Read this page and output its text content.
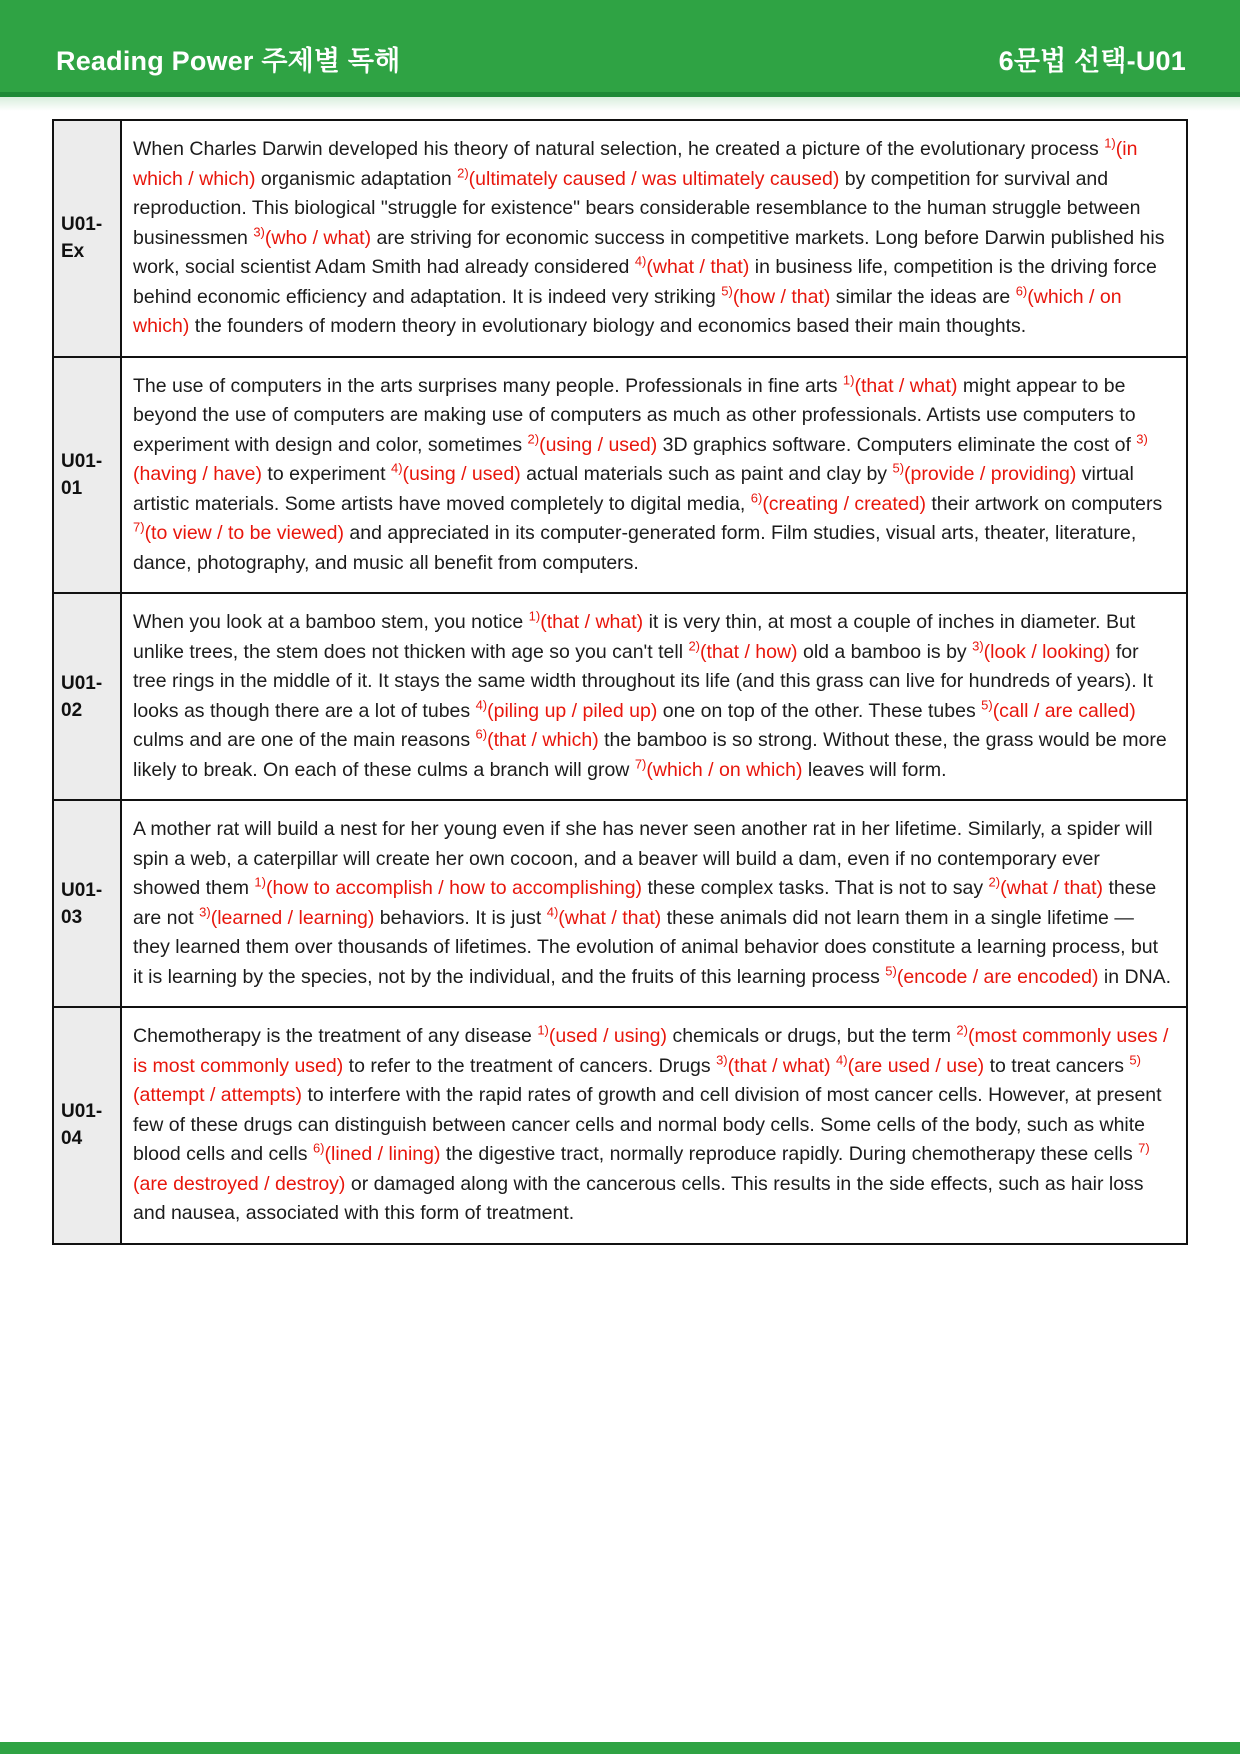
Reading Power 주제별 독해	6문법 선택-U01
U01-Ex	When Charles Darwin developed his theory of natural selection, he created a picture of the evolutionary process $^{1)}$(in which / which) organismic adaptation $^{2)}$(ultimately caused / was ultimately caused) by competition for survival and reproduction. This biological "struggle for existence" bears considerable resemblance to the human struggle between businessmen $^{3)}$(who / what) are striving for economic success in competitive markets. Long before Darwin published his work, social scientist Adam Smith had already considered $^{4)}$(what / that) in business life, competition is the driving force behind economic efficiency and adaptation. It is indeed very striking $^{5)}$(how / that) similar the ideas are $^{6)}$(which / on which) the founders of modern theory in evolutionary biology and economics based their main thoughts.
U01-01	The use of computers in the arts surprises many people. Professionals in fine arts $^{1)}$(that / what) might appear to be beyond the use of computers are making use of computers as much as other professionals. Artists use computers to experiment with design and color, sometimes $^{2)}$(using / used) 3D graphics software. Computers eliminate the cost of $^{3)}$(having / have) to experiment $^{4)}$(using / used) actual materials such as paint and clay by $^{5)}$(provide / providing) virtual artistic materials. Some artists have moved completely to digital media, $^{6)}$(creating / created) their artwork on computers $^{7)}$(to view / to be viewed) and appreciated in its computer-generated form. Film studies, visual arts, theater, literature, dance, photography, and music all benefit from computers.
U01-02	When you look at a bamboo stem, you notice $^{1)}$(that / what) it is very thin, at most a couple of inches in diameter. But unlike trees, the stem does not thicken with age so you can't tell $^{2)}$(that / how) old a bamboo is by $^{3)}$(look / looking) for tree rings in the middle of it. It stays the same width throughout its life (and this grass can live for hundreds of years). It looks as though there are a lot of tubes $^{4)}$(piling up / piled up) one on top of the other. These tubes $^{5)}$(call / are called) culms and are one of the main reasons $^{6)}$(that / which) the bamboo is so strong. Without these, the grass would be more likely to break. On each of these culms a branch will grow $^{7)}$(which / on which) leaves will form.
U01-03	A mother rat will build a nest for her young even if she has never seen another rat in her lifetime. Similarly, a spider will spin a web, a caterpillar will create her own cocoon, and a beaver will build a dam, even if no contemporary ever showed them $^{1)}$(how to accomplish / how to accomplishing) these complex tasks. That is not to say $^{2)}$(what / that) these are not $^{3)}$(learned / learning) behaviors. It is just $^{4)}$(what / that) these animals did not learn them in a single lifetime — they learned them over thousands of lifetimes. The evolution of animal behavior does constitute a learning process, but it is learning by the species, not by the individual, and the fruits of this learning process $^{5)}$(encode / are encoded) in DNA.
U01-04	Chemotherapy is the treatment of any disease $^{1)}$(used / using) chemicals or drugs, but the term $^{2)}$(most commonly uses / is most commonly used) to refer to the treatment of cancers. Drugs $^{3)}$(that / what) $^{4)}$(are used / use) to treat cancers $^{5)}$(attempt / attempts) to interfere with the rapid rates of growth and cell division of most cancer cells. However, at present few of these drugs can distinguish between cancer cells and normal body cells. Some cells of the body, such as white blood cells and cells $^{6)}$(lined / lining) the digestive tract, normally reproduce rapidly. During chemotherapy these cells $^{7)}$(are destroyed / destroy) or damaged along with the cancerous cells. This results in the side effects, such as hair loss and nausea, associated with this form of treatment.
